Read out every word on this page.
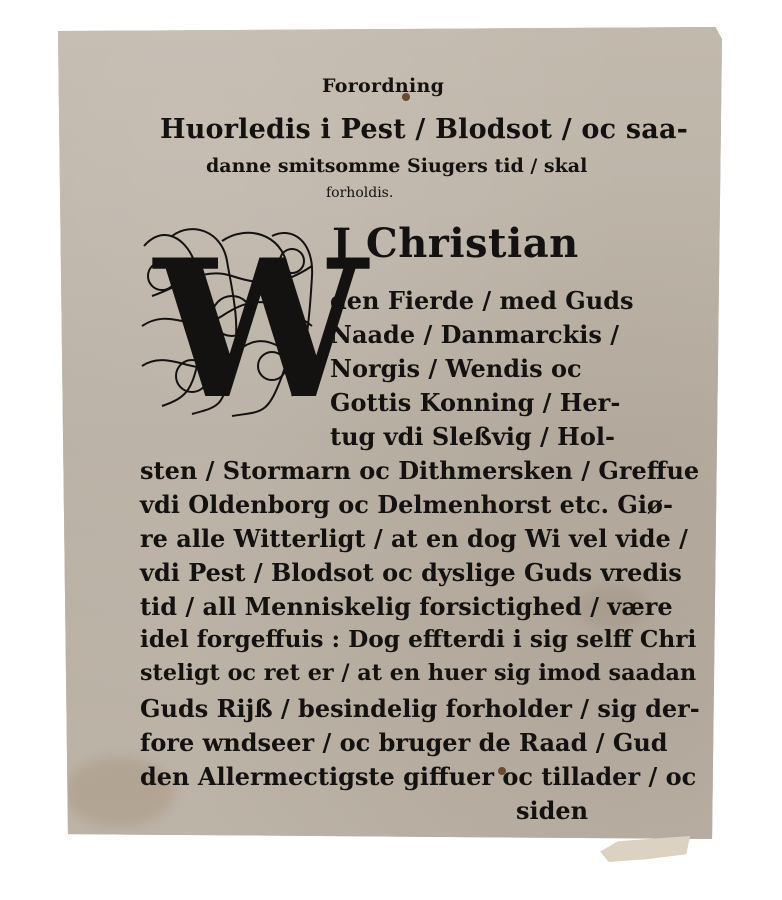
Forordning

Huorledis i Pest / Blodsot / oc saa-

danne smitsomme Siugers tid / skal

forholdis.

W

J Christian

den Fierde / med Guds

Naade / Danmarckis /

Norgis / Wendis oc

Gottis Konning / Her-

tug vdi Sleßvig / Hol-

sten / Stormarn oc Dithmersken / Greffue

vdi Oldenborg oc Delmenhorst etc. Giø-

re alle Witterligt / at en dog Wi vel vide /

vdi Pest / Blodsot oc dyslige Guds vredis

tid / all Menniskelig forsictighed / være

idel forgeffuis : Dog effterdi i sig selff Chri

steligt oc ret er / at en huer sig imod saadan

Guds Rijß / besindelig forholder / sig der-

fore wndseer / oc bruger de Raad / Gud

den Allermectigste giffuer oc tillader / oc

siden
